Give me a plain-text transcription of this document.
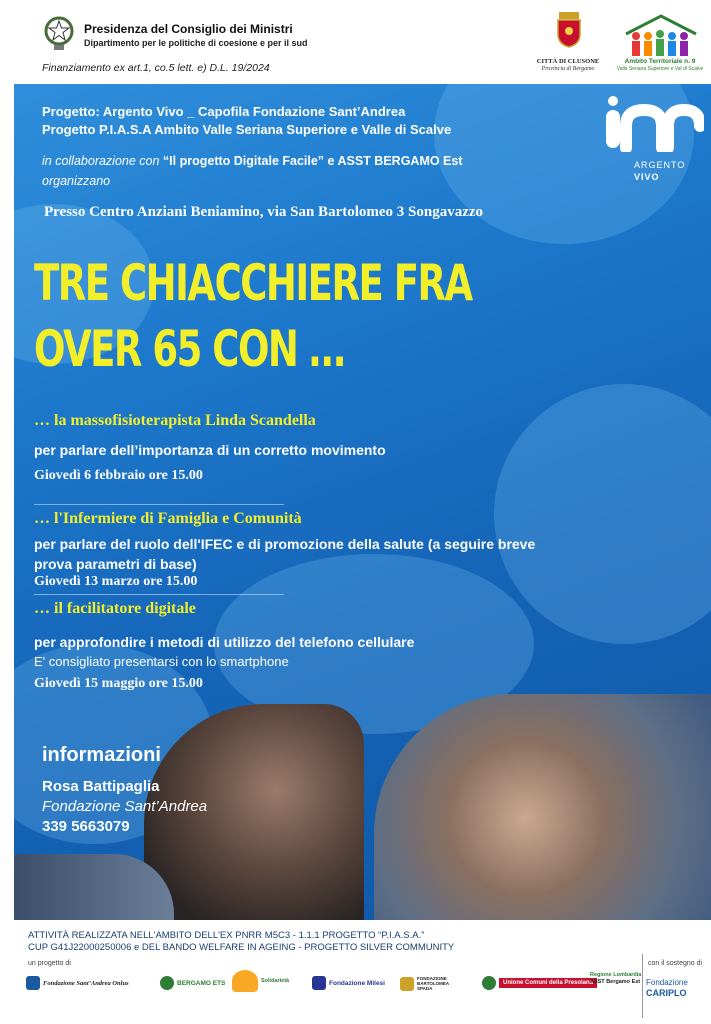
Presidenza del Consiglio dei Ministri
Dipartimento per le politiche di coesione e per il sud
Finanziamento ex art.1, co.5 lett. e) D.L. 19/2024
CITTÀ DI CLUSONE
Provincia di Bergamo
Ambito Territoriale n. 9
Valle Seriana Superiore e Val di Scalve
Progetto: Argento Vivo _ Capofila Fondazione Sant’Andrea
Progetto P.I.A.S.A Ambito Valle Seriana Superiore e Valle di Scalve
in collaborazione con “Il progetto Digitale Facile” e ASST BERGAMO Est
organizzano
Presso Centro Anziani Beniamino, via San Bartolomeo 3 Songavazzo
ARGENTO
VIVO
TRE CHIACCHIERE FRA
OVER 65 CON …
… la massofisioterapista Linda Scandella
per parlare dell’importanza di un corretto movimento
Giovedì 6 febbraio ore 15.00
… l'Infermiere di Famiglia e Comunità
per parlare del ruolo dell'IFEC e di promozione della salute (a seguire breve
prova parametri di base)
Giovedì 13 marzo ore 15.00
… il facilitatore digitale
per approfondire i metodi di utilizzo del telefono cellulare
E' consigliato presentarsi con lo smartphone
Giovedì 15 maggio ore 15.00
informazioni
Rosa Battipaglia
Fondazione Sant’Andrea
339 5663079
ATTIVITÀ REALIZZATA NELL'AMBITO DELL'EX PNRR M5C3 - 1.1.1 PROGETTO “P.I.A.S.A.”
CUP G41J22000250006 e DEL BANDO WELFARE IN AGEING - PROGETTO SILVER COMMUNITY
un progetto di	con il sostegno di
Fondazione Sant’Andrea Onlus	BERGAMO ETS	Solidarietà	Fondazione Milesi
FONDAZIONE BARTOLOMEA SPADA
Unione Comuni della Presolana
Regione Lombardia
ASST Bergamo Est Fondazione
CARIPLO
